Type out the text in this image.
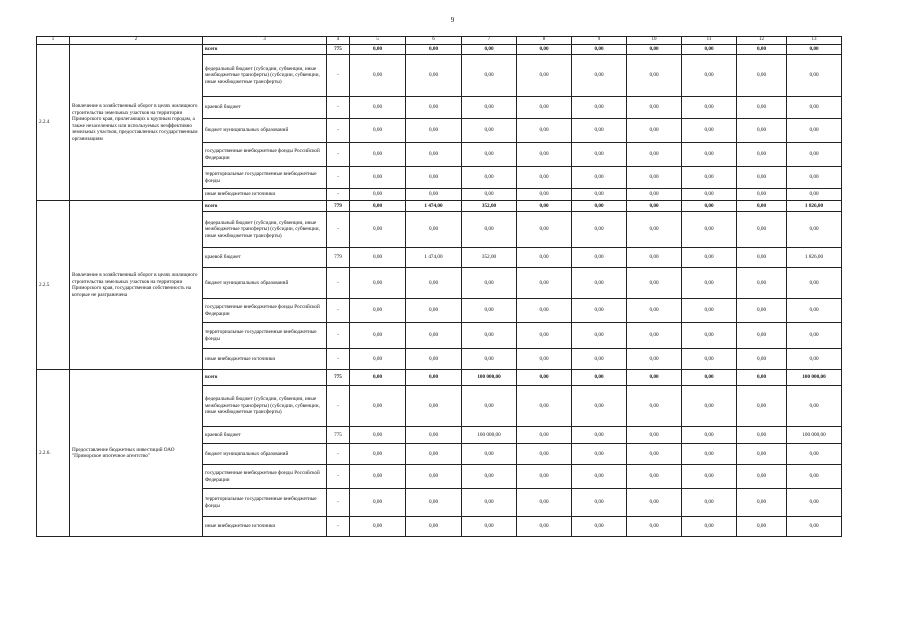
9
1	2	3	4	5	6	7	8	9	10	11	12	13
2.2.4	Вовлечение в хозяйственный оборот в целях жилищного строительства земельных участков на территории Приморского края, прилегающих к крупным городам, а также незаселенных или используемых неэффективно земельных участков, предоставленных государственным организациям	всего	775	0,00	0,00	0,00	0,00	0,00	0,00	0,00	0,00	0,00
		федеральный бюджет (субсидии, субвенции, иные межбюджетные трансферты) (субсидии, субвенции, иные межбюджетные трансферты)	-	0,00	0,00	0,00	0,00	0,00	0,00	0,00	0,00	0,00
		краевой бюджет	-	0,00	0,00	0,00	0,00	0,00	0,00	0,00	0,00	0,00
		бюджет муниципальных образований	-	0,00	0,00	0,00	0,00	0,00	0,00	0,00	0,00	0,00
		государственные внебюджетные фонды Российской Федерации	-	0,00	0,00	0,00	0,00	0,00	0,00	0,00	0,00	0,00
		территориальные государственные внебюджетные фонды	-	0,00	0,00	0,00	0,00	0,00	0,00	0,00	0,00	0,00
		иные внебюджетные источники	-	0,00	0,00	0,00	0,00	0,00	0,00	0,00	0,00	0,00
2.2.5	Вовлечение в хозяйственный оборот в целях жилищного строительства земельных участков на территории Приморского края, государственная собственность на которые не разграничена	всего	779	0,00	1 474,00	352,00	0,00	0,00	0,00	0,00	0,00	1 826,00
		федеральный бюджет (субсидии, субвенции, иные межбюджетные трансферты) (субсидии, субвенции, иные межбюджетные трансферты)	-	0,00	0,00	0,00	0,00	0,00	0,00	0,00	0,00	0,00
		краевой бюджет	779	0,00	1 474,00	352,00	0,00	0,00	0,00	0,00	0,00	1 826,00
		бюджет муниципальных образований	-	0,00	0,00	0,00	0,00	0,00	0,00	0,00	0,00	0,00
		государственные внебюджетные фонды Российской Федерации	-	0,00	0,00	0,00	0,00	0,00	0,00	0,00	0,00	0,00
		территориальные государственные внебюджетные фонды	-	0,00	0,00	0,00	0,00	0,00	0,00	0,00	0,00	0,00
		иные внебюджетные источники	-	0,00	0,00	0,00	0,00	0,00	0,00	0,00	0,00	0,00
2.2.6.	Предоставление бюджетных инвестиций ОАО "Приморское ипотечное агентство"	всего	775	0,00	0,00	100 000,00	0,00	0,00	0,00	0,00	0,00	100 000,00
		федеральный бюджет (субсидии, субвенции, иные межбюджетные трансферты) (субсидии, субвенции, иные межбюджетные трансферты)	-	0,00	0,00	0,00	0,00	0,00	0,00	0,00	0,00	0,00
		краевой бюджет	775	0,00	0,00	100 000,00	0,00	0,00	0,00	0,00	0,00	100 000,00
		бюджет муниципальных образований	-	0,00	0,00	0,00	0,00	0,00	0,00	0,00	0,00	0,00
		государственные внебюджетные фонды Российской Федерации	-	0,00	0,00	0,00	0,00	0,00	0,00	0,00	0,00	0,00
		территориальные государственные внебюджетные фонды	-	0,00	0,00	0,00	0,00	0,00	0,00	0,00	0,00	0,00
		иные внебюджетные источники	-	0,00	0,00	0,00	0,00	0,00	0,00	0,00	0,00	0,00
